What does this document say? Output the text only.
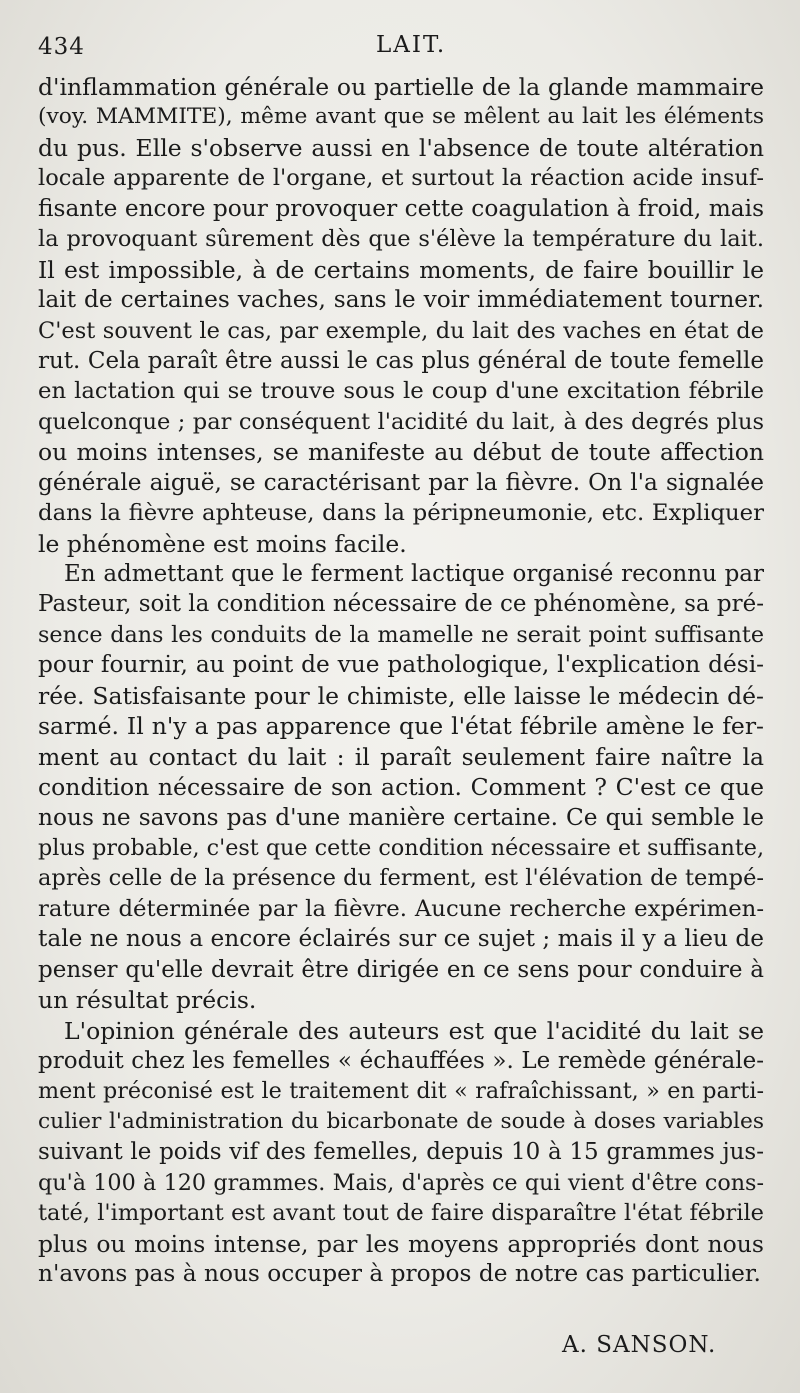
434	LAIT.
d'inflammation générale ou partielle de la glande mammaire
(voy. MAMMITE), même avant que se mêlent au lait les éléments
du pus. Elle s'observe aussi en l'absence de toute altération
locale apparente de l'organe, et surtout la réaction acide insuf-
fisante encore pour provoquer cette coagulation à froid, mais
la provoquant sûrement dès que s'élève la température du lait.
Il est impossible, à de certains moments, de faire bouillir le
lait de certaines vaches, sans le voir immédiatement tourner.
C'est souvent le cas, par exemple, du lait des vaches en état de
rut. Cela paraît être aussi le cas plus général de toute femelle
en lactation qui se trouve sous le coup d'une excitation fébrile
quelconque ; par conséquent l'acidité du lait, à des degrés plus
ou moins intenses, se manifeste au début de toute affection
générale aiguë, se caractérisant par la fièvre. On l'a signalée
dans la fièvre aphteuse, dans la péripneumonie, etc. Expliquer
le phénomène est moins facile.
En admettant que le ferment lactique organisé reconnu par
Pasteur, soit la condition nécessaire de ce phénomène, sa pré-
sence dans les conduits de la mamelle ne serait point suffisante
pour fournir, au point de vue pathologique, l'explication dési-
rée. Satisfaisante pour le chimiste, elle laisse le médecin dé-
sarmé. Il n'y a pas apparence que l'état fébrile amène le fer-
ment au contact du lait : il paraît seulement faire naître la
condition nécessaire de son action. Comment ? C'est ce que
nous ne savons pas d'une manière certaine. Ce qui semble le
plus probable, c'est que cette condition nécessaire et suffisante,
après celle de la présence du ferment, est l'élévation de tempé-
rature déterminée par la fièvre. Aucune recherche expérimen-
tale ne nous a encore éclairés sur ce sujet ; mais il y a lieu de
penser qu'elle devrait être dirigée en ce sens pour conduire à
un résultat précis.
L'opinion générale des auteurs est que l'acidité du lait se
produit chez les femelles « échauffées ». Le remède générale-
ment préconisé est le traitement dit « rafraîchissant, » en parti-
culier l'administration du bicarbonate de soude à doses variables
suivant le poids vif des femelles, depuis 10 à 15 grammes jus-
qu'à 100 à 120 grammes. Mais, d'après ce qui vient d'être cons-
taté, l'important est avant tout de faire disparaître l'état fébrile
plus ou moins intense, par les moyens appropriés dont nous
n'avons pas à nous occuper à propos de notre cas particulier.
A. SANSON.
